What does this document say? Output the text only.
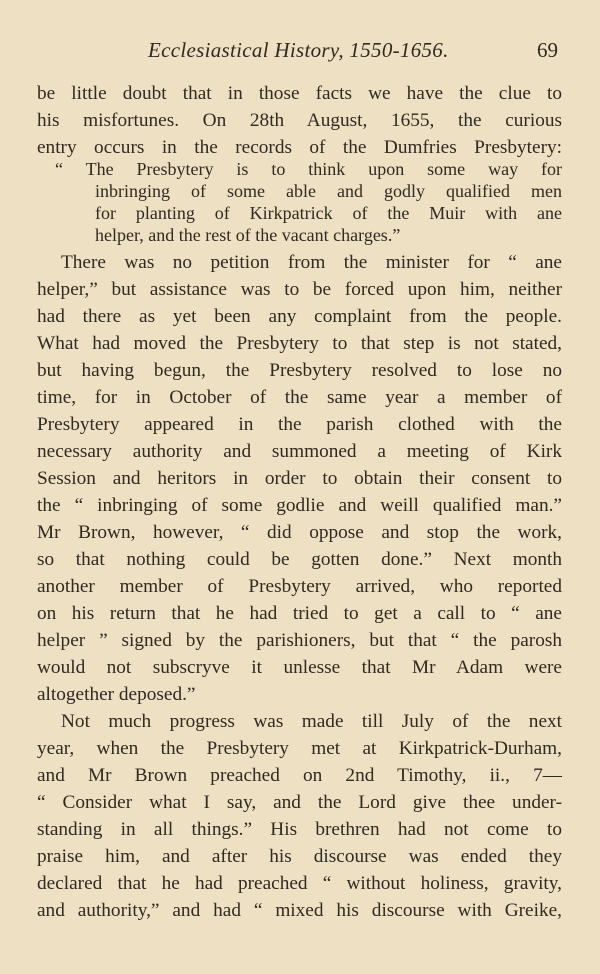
Ecclesiastical History, 1550-1656.	69
be little doubt that in those facts we have the clue to
his misfortunes. On 28th August, 1655, the curious
entry occurs in the records of the Dumfries Presbytery:
“ The Presbytery is to think upon some way for
inbringing of some able and godly qualified men
for planting of Kirkpatrick of the Muir with ane
helper, and the rest of the vacant charges.”
There was no petition from the minister for “ ane
helper,” but assistance was to be forced upon him, neither
had there as yet been any complaint from the people.
What had moved the Presbytery to that step is not stated,
but having begun, the Presbytery resolved to lose no
time, for in October of the same year a member of
Presbytery appeared in the parish clothed with the
necessary authority and summoned a meeting of Kirk
Session and heritors in order to obtain their consent to
the “ inbringing of some godlie and weill qualified man.”
Mr Brown, however, “ did oppose and stop the work,
so that nothing could be gotten done.” Next month
another member of Presbytery arrived, who reported
on his return that he had tried to get a call to “ ane
helper ” signed by the parishioners, but that “ the parosh
would not subscryve it unlesse that Mr Adam were
altogether deposed.”
Not much progress was made till July of the next
year, when the Presbytery met at Kirkpatrick-Durham,
and Mr Brown preached on 2nd Timothy, ii., 7—
“ Consider what I say, and the Lord give thee under-
standing in all things.” His brethren had not come to
praise him, and after his discourse was ended they
declared that he had preached “ without holiness, gravity,
and authority,” and had “ mixed his discourse with Greike,
